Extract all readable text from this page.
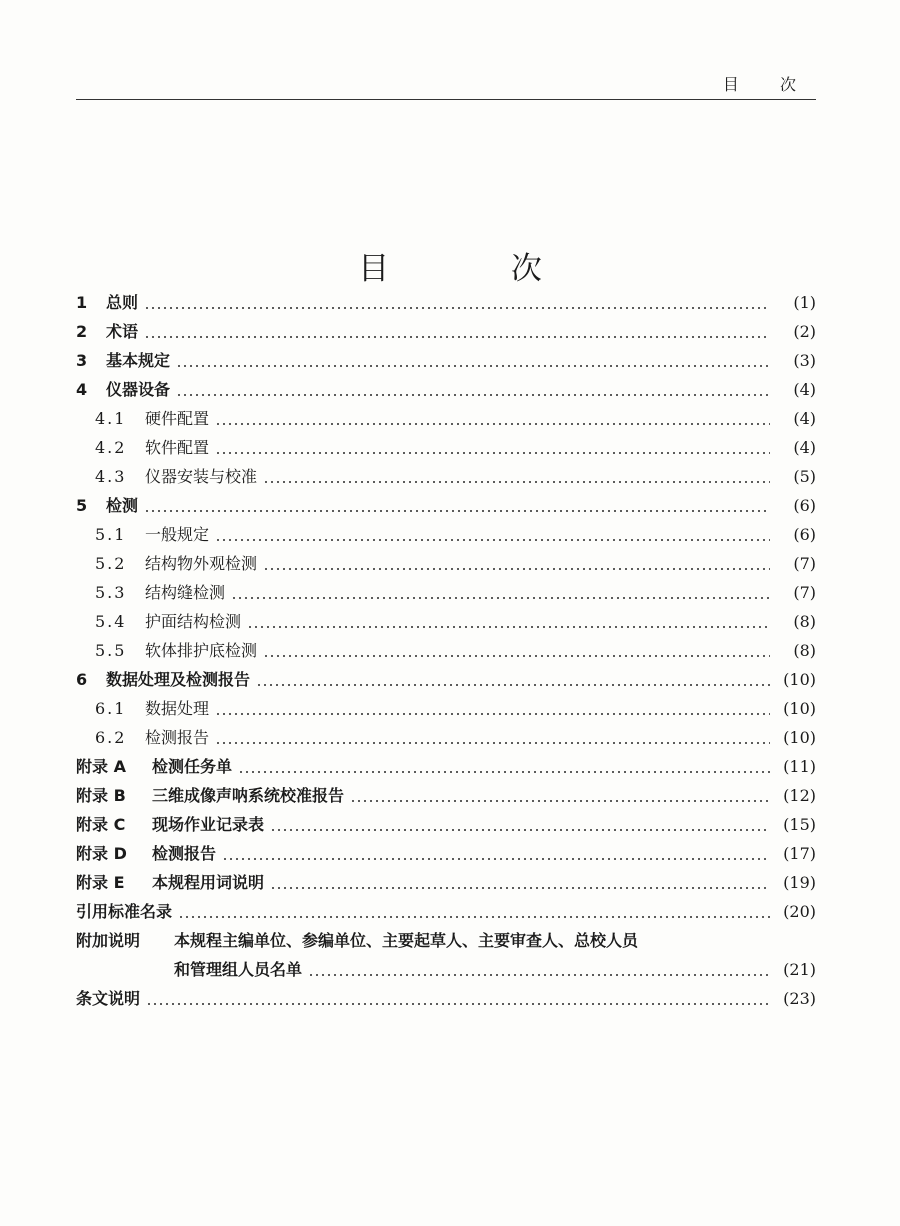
目 次
目 次
1	总则	(1)
2	术语	(2)
3	基本规定	(3)
4	仪器设备	(4)
4.1	硬件配置	(4)
4.2	软件配置	(4)
4.3	仪器安装与校准	(5)
5	检测	(6)
5.1	一般规定	(6)
5.2	结构物外观检测	(7)
5.3	结构缝检测	(7)
5.4	护面结构检测	(8)
5.5	软体排护底检测	(8)
6	数据处理及检测报告	(10)
6.1	数据处理	(10)
6.2	检测报告	(10)
附录 A	检测任务单	(11)
附录 B	三维成像声呐系统校准报告	(12)
附录 C	现场作业记录表	(15)
附录 D	检测报告	(17)
附录 E	本规程用词说明	(19)
引用标准名录	(20)
附加说明	本规程主编单位、参编单位、主要起草人、主要审查人、总校人员
和管理组人员名单	(21)
条文说明	(23)
